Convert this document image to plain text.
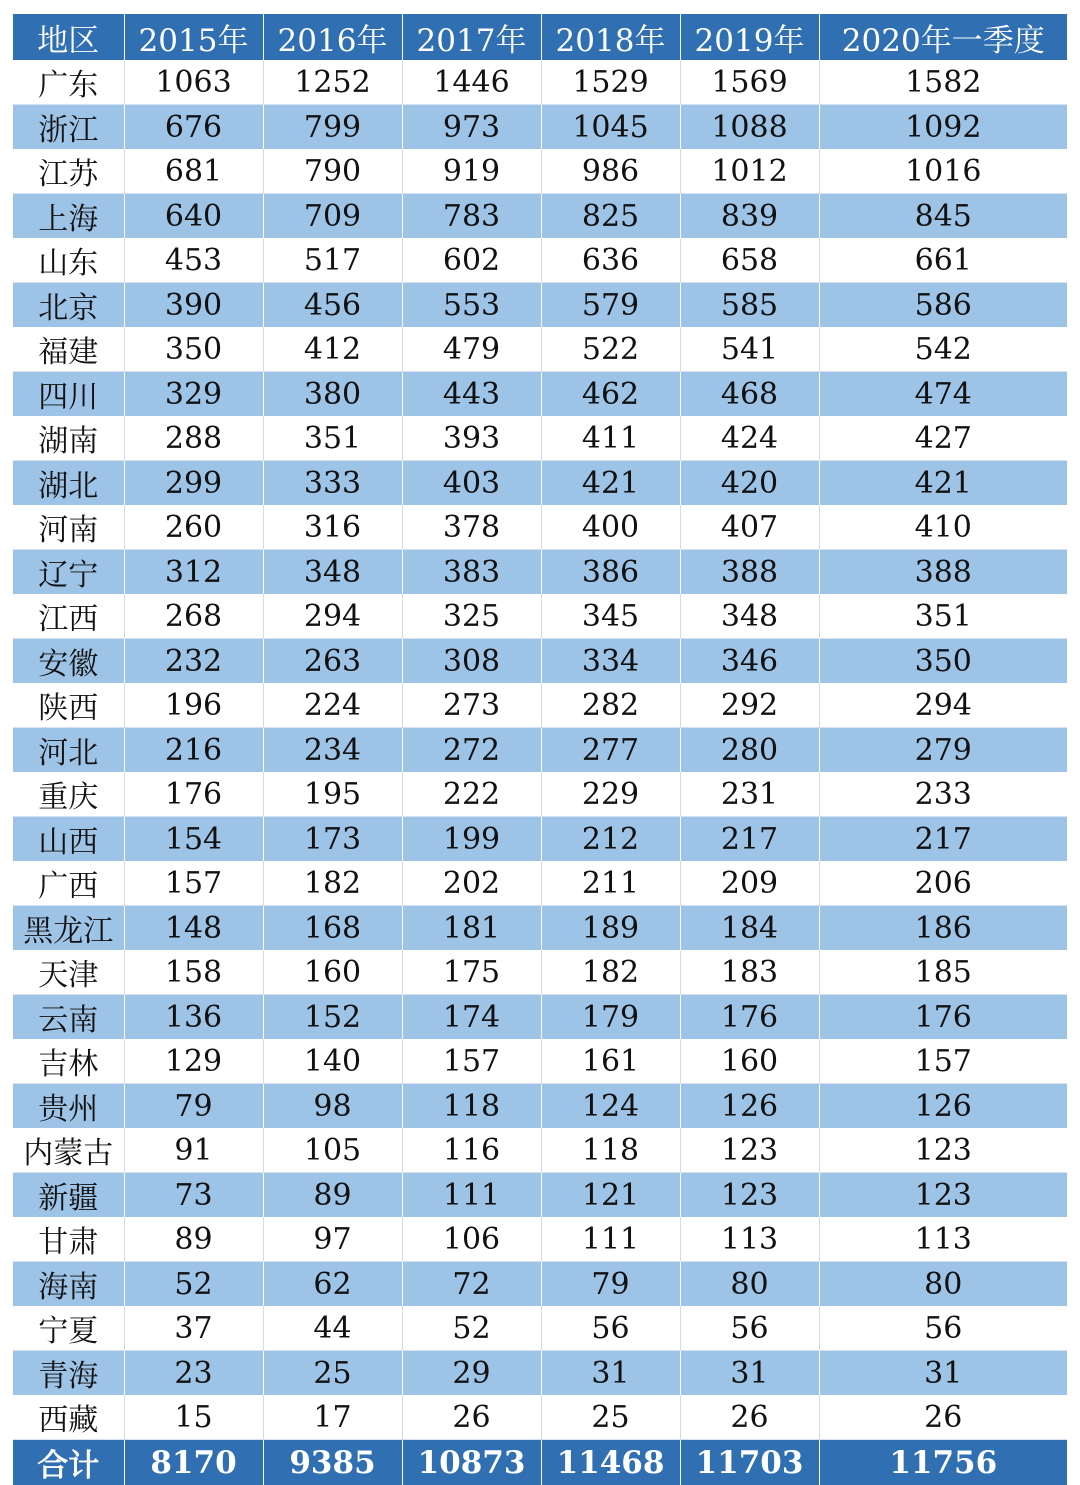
地区	2015年	2016年	2017年	2018年	2019年	2020年一季度
广东	1063	1252	1446	1529	1569	1582
浙江	676	799	973	1045	1088	1092
江苏	681	790	919	986	1012	1016
上海	640	709	783	825	839	845
山东	453	517	602	636	658	661
北京	390	456	553	579	585	586
福建	350	412	479	522	541	542
四川	329	380	443	462	468	474
湖南	288	351	393	411	424	427
湖北	299	333	403	421	420	421
河南	260	316	378	400	407	410
辽宁	312	348	383	386	388	388
江西	268	294	325	345	348	351
安徽	232	263	308	334	346	350
陕西	196	224	273	282	292	294
河北	216	234	272	277	280	279
重庆	176	195	222	229	231	233
山西	154	173	199	212	217	217
广西	157	182	202	211	209	206
黑龙江	148	168	181	189	184	186
天津	158	160	175	182	183	185
云南	136	152	174	179	176	176
吉林	129	140	157	161	160	157
贵州	79	98	118	124	126	126
内蒙古	91	105	116	118	123	123
新疆	73	89	111	121	123	123
甘肃	89	97	106	111	113	113
海南	52	62	72	79	80	80
宁夏	37	44	52	56	56	56
青海	23	25	29	31	31	31
西藏	15	17	26	25	26	26
合计	8170	9385	10873	11468	11703	11756
